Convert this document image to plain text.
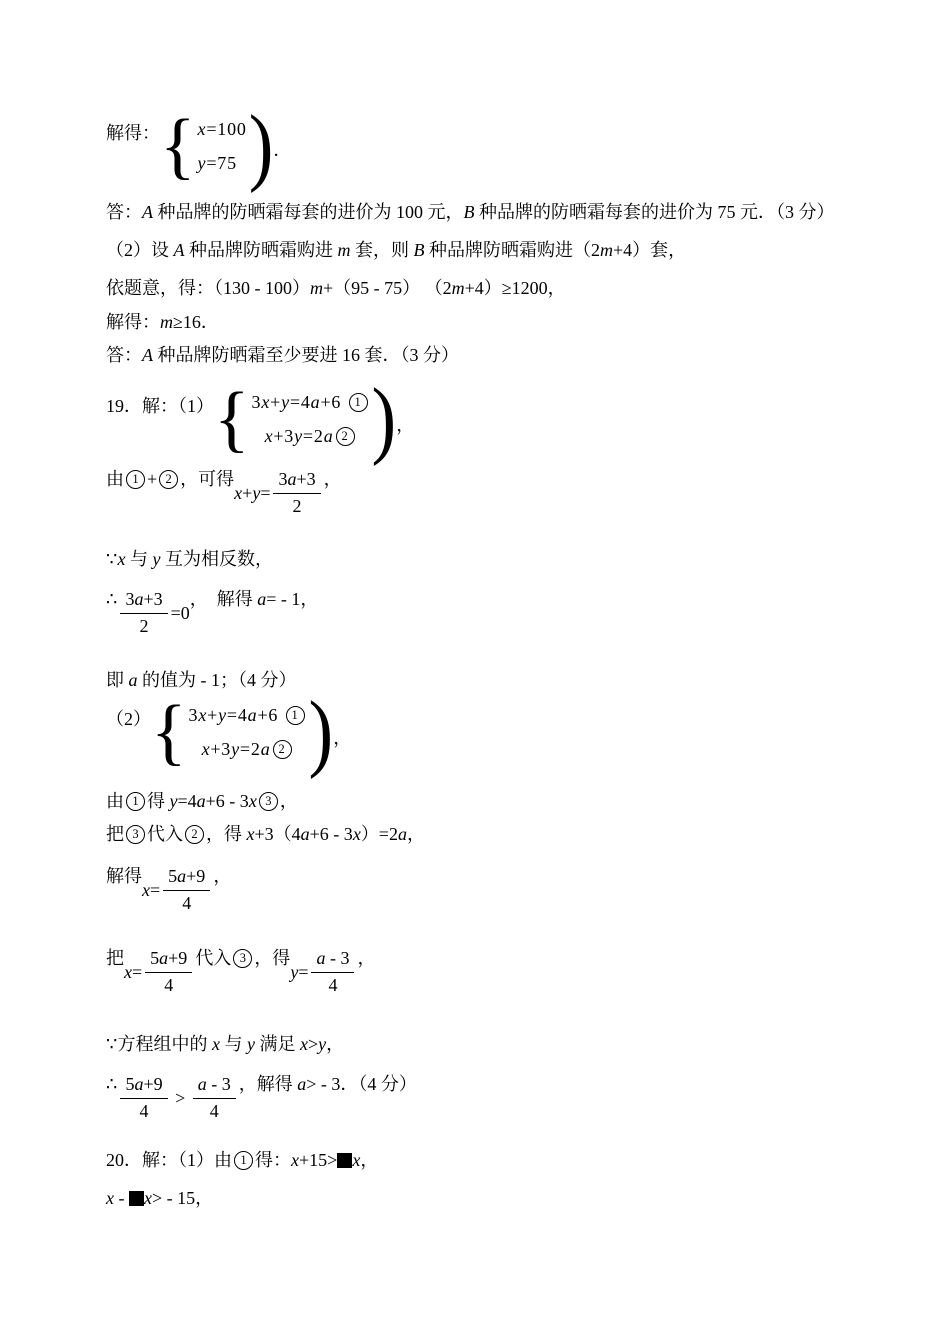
解得： { x =100
y =75 ) ．
答： A 种品牌的防晒霜每套的进价为 100 元， B 种品牌的防晒霜每套的进价为 75 元．（3 分）
（2）设 A 种品牌防晒霜购进 m 套，则 B 种品牌防晒霜购进（2 m +4）套，
依题意，得：（130 - 100） m +（95 - 75） （2 m +4）≥1200，
解得： m ≥16．
答： A 种品牌防晒霜至少要进 16 套．（3 分）
19．解：（1） { 3 x + y =4 a +6 1
x +3 y =2 a 2 ) ，
由 1 + 2 ，可得
$x + y = \frac{3 a +3}{2}$ ，
∵ x 与 y 互为相反数，
∴ $\frac{3 a +3}{2} =0$
，  解得 a = - 1，
即 a 的值为 - 1；（4 分）
（2） { 3 x + y =4 a +6 1
x +3 y =2 a 2 ) ，
由 1 得 y =4 a +6 - 3 x 3 ，
把 3 代入 2 ，得 x +3（4 a +6 - 3 x ）=2 a ，
解得
$x = \frac{5 a +9}{4}$ ，
把
$x = \frac{5 a +9}{4}$ 代入 3 ，得
$y = \frac{a - 3}{4}$ ，
∵方程组中的 x 与 y 满足 x > y ，
∴ $\frac{5 a +9}{4} > \frac{a - 3}{4}$ ，解得 a > - 3．（4 分）
20．解：（1）由 1 得： x +15> x ，
x - x > - 15，
